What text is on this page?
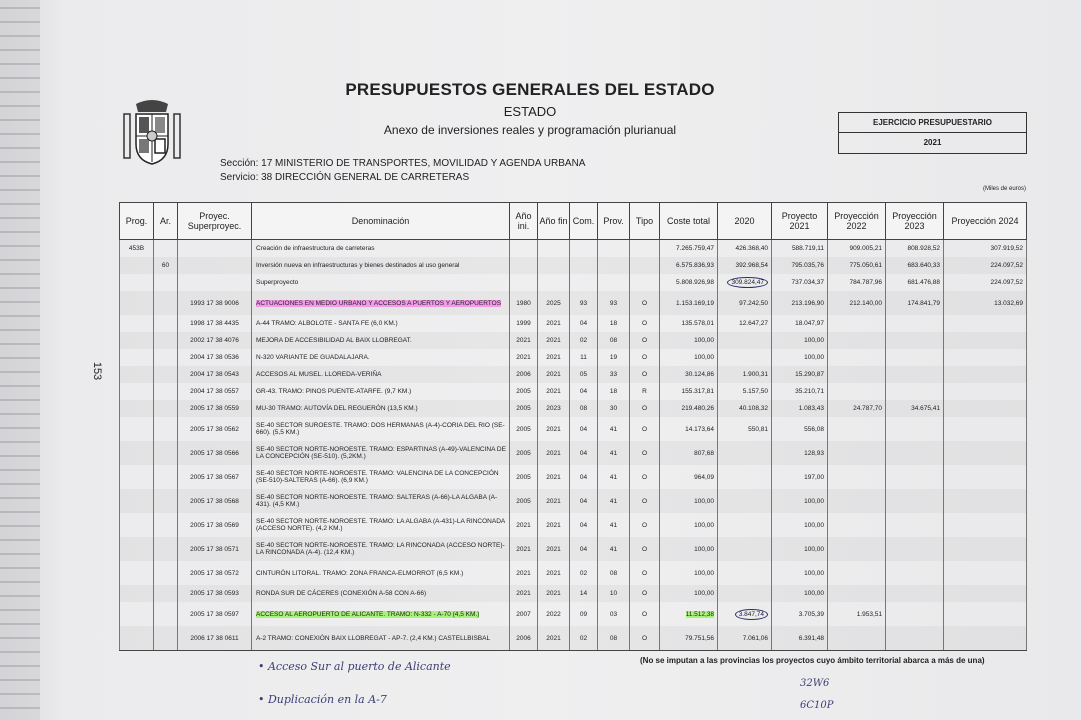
PRESUPUESTOS GENERALES DEL ESTADO
ESTADO
Anexo de inversiones reales y programación plurianual
EJERCICIO PRESUPUESTARIO
2021
Sección: 17 MINISTERIO DE TRANSPORTES, MOVILIDAD Y AGENDA URBANA
Servicio: 38 DIRECCIÓN GENERAL DE CARRETERAS
(Miles de euros)
153
Prog.	Ar.	Proyec. Superproyec.	Denominación	Año ini.	Año fin	Com.	Prov.	Tipo	Coste total	2020	Proyecto 2021	Proyección 2022	Proyección 2023	Proyección 2024
453B			Creación de infraestructura de carreteras						7.265.759,47	426.368,40	588.719,11	909.005,21	808.928,52	307.919,52
	60		Inversión nueva en infraestructuras y bienes destinados al uso general						6.575.836,93	392.968,54	795.035,76	775.050,61	683.640,33	224.097,52
			Superproyecto						5.808.926,98	309.824,47	737.034,37	784.787,96	681.476,88	224.097,52
		1993 17 38 9006	ACTUACIONES EN MEDIO URBANO Y ACCESOS A PUERTOS Y AEROPUERTOS	1980	2025	93	93	O	1.153.169,19	97.242,50	213.196,90	212.140,00	174.841,79	13.032,69
		1998 17 38 4435	A-44 TRAMO: ALBOLOTE - SANTA FE (6,0 KM.)	1999	2021	04	18	O	135.578,01	12.647,27	18.047,97			
		2002 17 38 4076	MEJORA DE ACCESIBILIDAD AL BAIX LLOBREGAT.	2021	2021	02	08	O	100,00		100,00			
		2004 17 38 0536	N-320 VARIANTE DE GUADALAJARA.	2021	2021	11	19	O	100,00		100,00			
		2004 17 38 0543	ACCESOS AL MUSEL. LLOREDA-VERIÑA	2006	2021	05	33	O	30.124,86	1.900,31	15.290,87			
		2004 17 38 0557	GR-43. TRAMO: PINOS PUENTE-ATARFE. (9,7 KM.)	2005	2021	04	18	R	155.317,81	5.157,50	35.210,71			
		2005 17 38 0559	MU-30 TRAMO: AUTOVÍA DEL REGUERÓN (13,5 KM.)	2005	2023	08	30	O	219.480,26	40.108,32	1.083,43	24.787,70	34.675,41	
		2005 17 38 0562	SE-40 SECTOR SUROESTE. TRAMO: DOS HERMANAS (A-4)-CORIA DEL RIO (SE-660). (5,5 KM.)	2005	2021	04	41	O	14.173,64	550,81	556,08			
		2005 17 38 0566	SE-40 SECTOR NORTE-NOROESTE. TRAMO: ESPARTINAS (A-49)-VALENCINA DE LA CONCEPCIÓN (SE-510). (5,2KM.)	2005	2021	04	41	O	807,68		128,93			
		2005 17 38 0567	SE-40 SECTOR NORTE-NOROESTE. TRAMO: VALENCINA DE LA CONCEPCIÓN (SE-510)-SALTERAS (A-66). (6,9 KM.)	2005	2021	04	41	O	964,09		197,00			
		2005 17 38 0568	SE-40 SECTOR NORTE-NOROESTE. TRAMO: SALTERAS (A-66)-LA ALGABA (A-431). (4,5 KM.)	2005	2021	04	41	O	100,00		100,00			
		2005 17 38 0569	SE-40 SECTOR NORTE-NOROESTE. TRAMO: LA ALGABA (A-431)-LA RINCONADA (ACCESO NORTE). (4,2 KM.)	2021	2021	04	41	O	100,00		100,00			
		2005 17 38 0571	SE-40 SECTOR NORTE-NOROESTE. TRAMO: LA RINCONADA (ACCESO NORTE)-LA RINCONADA (A-4). (12,4 KM.)	2021	2021	04	41	O	100,00		100,00			
		2005 17 38 0572	CINTURÓN LITORAL. TRAMO: ZONA FRANCA-ELMORROT (6,5 KM.)	2021	2021	02	08	O	100,00		100,00			
		2005 17 38 0593	RONDA SUR DE CÁCERES (CONEXIÓN A-58 CON A-66)	2021	2021	14	10	O	100,00		100,00			
		2005 17 38 0597	ACCESO AL AEROPUERTO DE ALICANTE. TRAMO: N-332 - A-70 (4,5 KM.)	2007	2022	09	03	O	11.512,38	3.847,74	3.705,39	1.953,51		
		2006 17 38 0611	A-2 TRAMO: CONEXIÓN BAIX LLOBREGAT - AP-7. (2,4 KM.) CASTELLBISBAL	2006	2021	02	08	O	79.751,56	7.061,06	6.391,48			
(No se imputan a las provincias los proyectos cuyo ámbito territorial abarca a más de una)
• Acceso Sur al puerto de Alicante
• Duplicación en la A-7
32W6
6C10P
